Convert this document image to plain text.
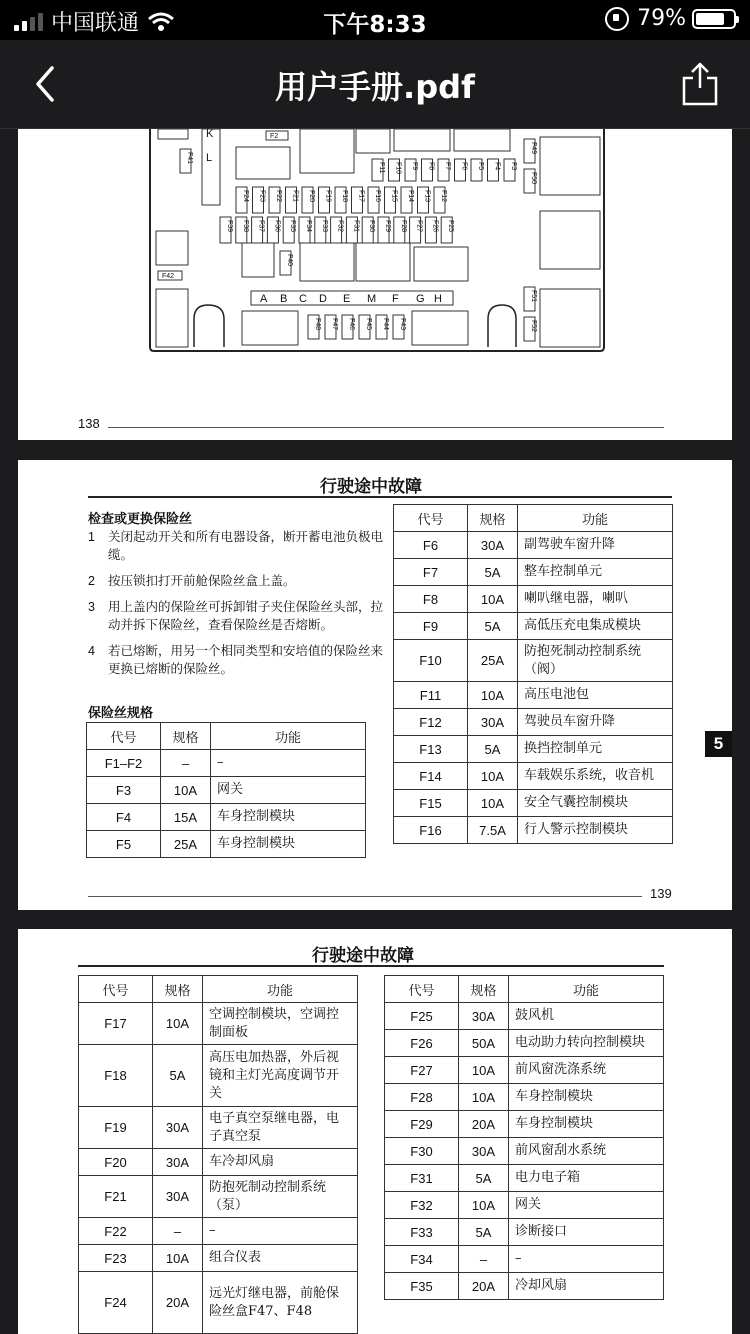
中国联通	下午8:33	79%
用户手册.pdf
K
L
F2
F41
F42
F40
F49
F50
F51
F52
F11 F10 F9 F8 F7 F6 F5 F4 F3
F24 F23 F22 F21 F20 F19 F18 F17 F16 F15 F14 F13 F12
F39 F38 F37 F36 F35 F34 F33 F32 F31 F30 F29 F28 F27 F26 F25
F48 F47 F46 F45 F44 F43
A B C D E M F G H
138
行驶途中故障
检查或更换保险丝
1	关闭起动开关和所有电器设备，断开蓄电池负极电缆。
2	按压锁扣打开前舱保险丝盒上盖。
3	用上盖内的保险丝可拆卸钳子夹住保险丝头部，拉动并拆下保险丝，查看保险丝是否熔断。
4	若已熔断，用另一个相同类型和安培值的保险丝来更换已熔断的保险丝。
保险丝规格
代号	规格	功能
F1–F2	–	–
F3	10A	网关
F4	15A	车身控制模块
F5	25A	车身控制模块
代号	规格	功能
F6	30A	副驾驶车窗升降
F7	5A	整车控制单元
F8	10A	喇叭继电器，喇叭
F9	5A	高低压充电集成模块
F10	25A	防抱死制动控制系统（阀）
F11	10A	高压电池包
F12	30A	驾驶员车窗升降
F13	5A	换挡控制单元
F14	10A	车载娱乐系统，收音机
F15	10A	安全气囊控制模块
F16	7.5A	行人警示控制模块
139
5
行驶途中故障
代号	规格	功能
F17	10A	空调控制模块，空调控制面板
F18	5A	高压电加热器，外后视镜和主灯光高度调节开关
F19	30A	电子真空泵继电器，电子真空泵
F20	30A	车冷却风扇
F21	30A	防抱死制动控制系统（泵）
F22	–	–
F23	10A	组合仪表
F24	20A	远光灯继电器，前舱保险丝盒F47、F48
代号	规格	功能
F25	30A	鼓风机
F26	50A	电动助力转向控制模块
F27	10A	前风窗洗涤系统
F28	10A	车身控制模块
F29	20A	车身控制模块
F30	30A	前风窗刮水系统
F31	5A	电力电子箱
F32	10A	网关
F33	5A	诊断接口
F34	–	–
F35	20A	冷却风扇
